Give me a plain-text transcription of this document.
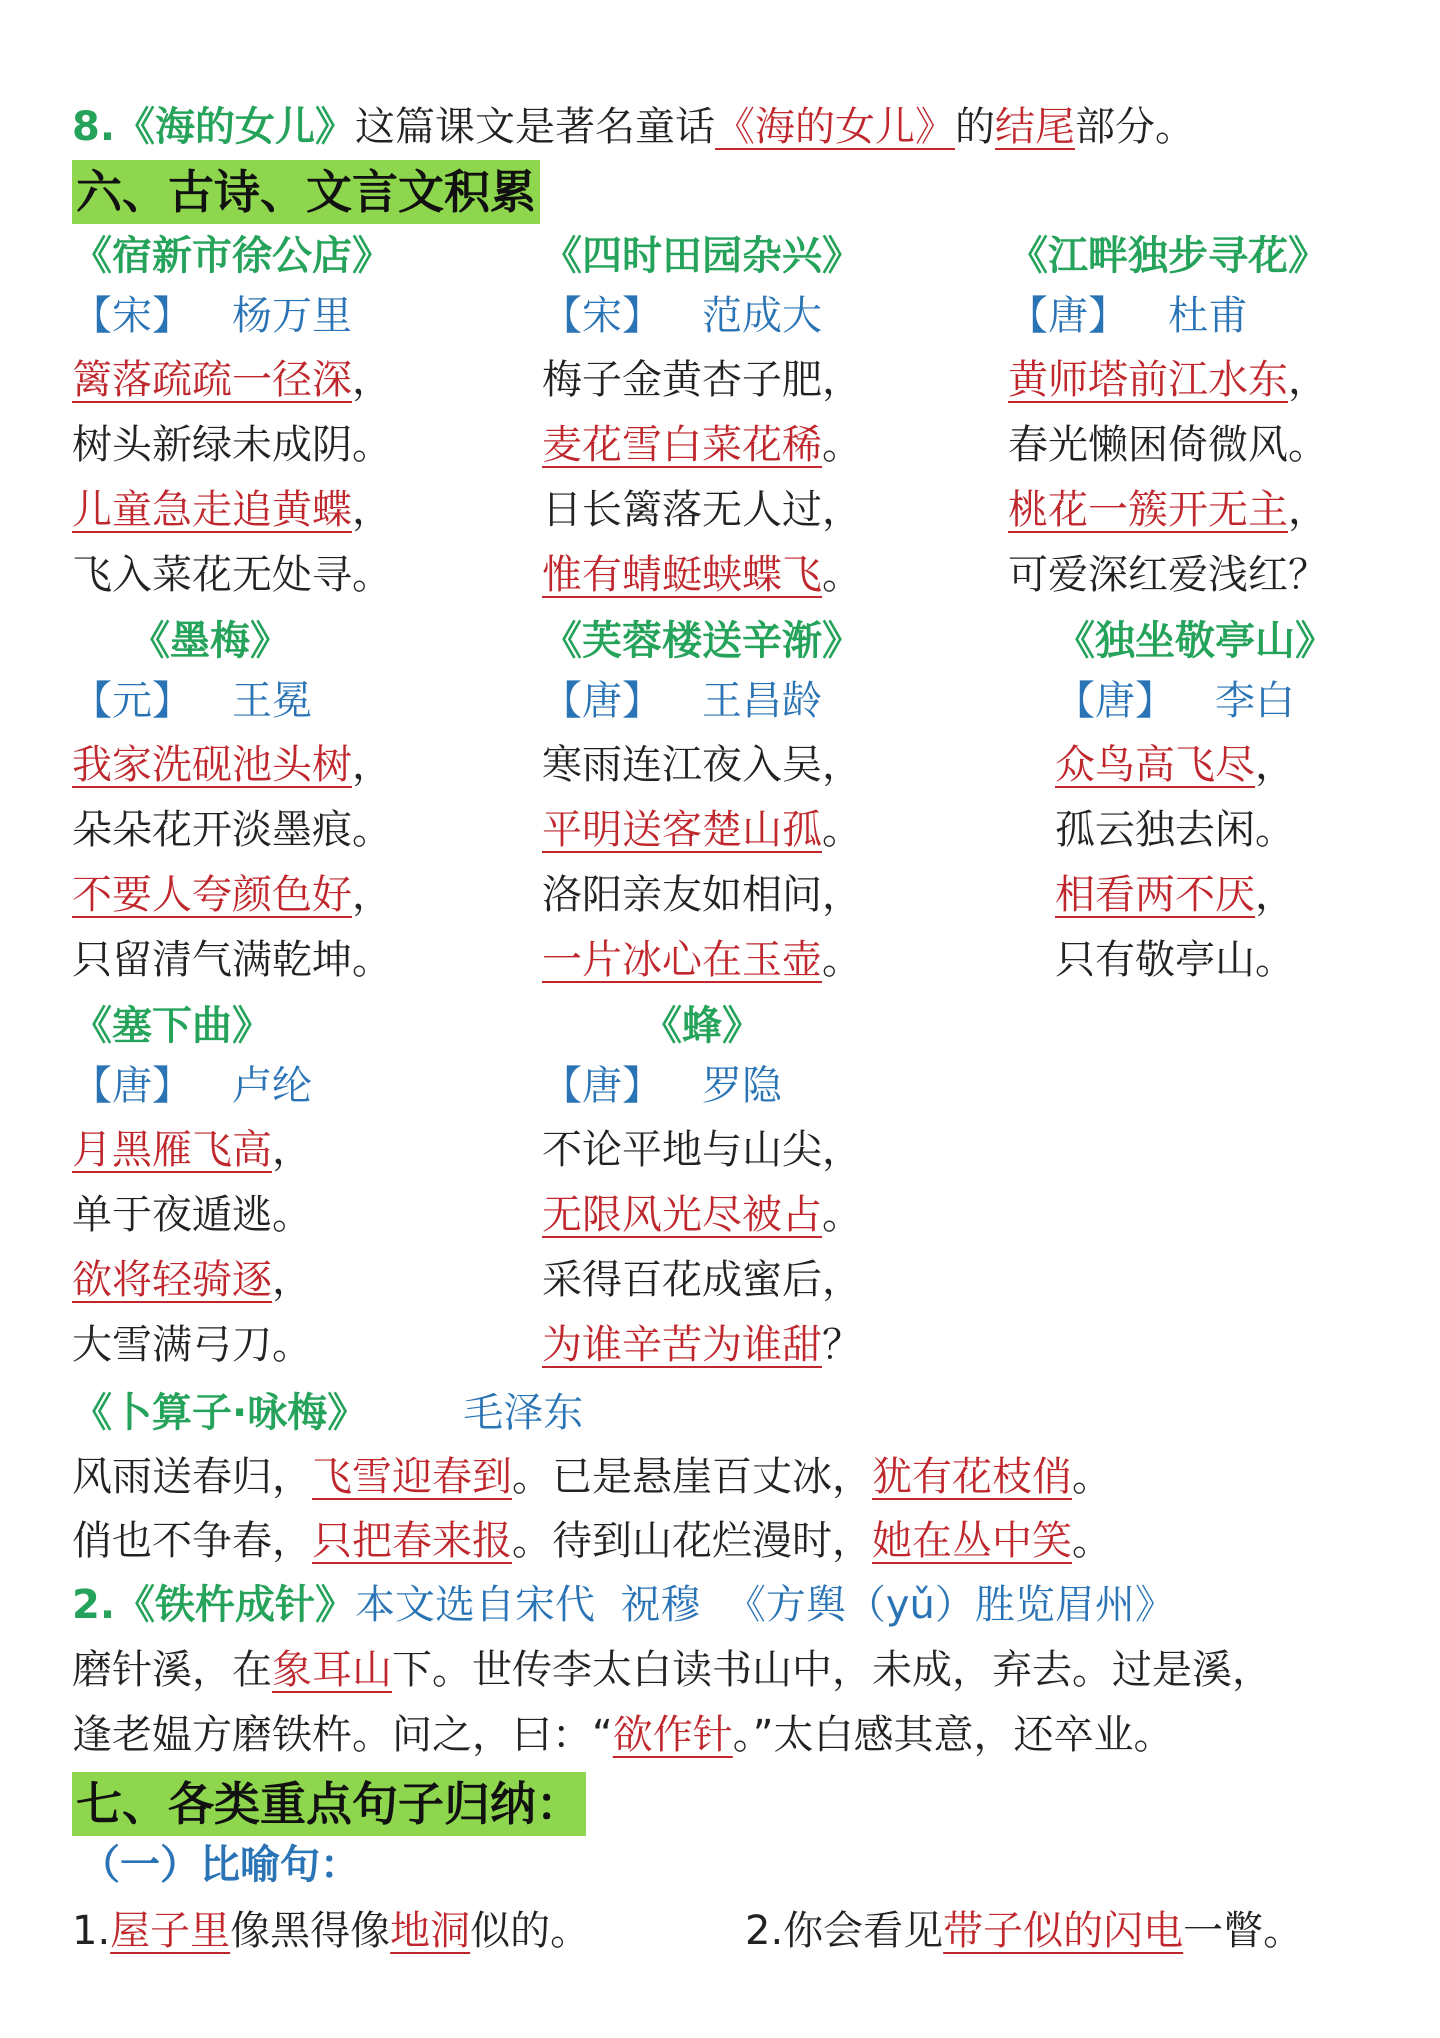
8.《海的女儿》这篇课文是著名童话《海的女儿》的结尾部分。
六、古诗、文言文积累
《宿新市徐公店》
【宋】 杨万里
篱落疏疏一径深，
树头新绿未成阴。
儿童急走追黄蝶，
飞入菜花无处寻。
《四时田园杂兴》
【宋】 范成大
梅子金黄杏子肥，
麦花雪白菜花稀。
日长篱落无人过，
惟有蜻蜓蛱蝶飞。
《江畔独步寻花》
【唐】 杜甫
黄师塔前江水东，
春光懒困倚微风。
桃花一簇开无主，
可爱深红爱浅红？
《墨梅》
【元】 王冕
我家洗砚池头树，
朵朵花开淡墨痕。
不要人夸颜色好，
只留清气满乾坤。
《芙蓉楼送辛渐》
【唐】 王昌龄
寒雨连江夜入吴，
平明送客楚山孤。
洛阳亲友如相问，
一片冰心在玉壶。
《独坐敬亭山》
【唐】 李白
众鸟高飞尽，
孤云独去闲。
相看两不厌，
只有敬亭山。
《塞下曲》
【唐】 卢纶
月黑雁飞高，
单于夜遁逃。
欲将轻骑逐，
大雪满弓刀。
《蜂》
【唐】 罗隐
不论平地与山尖，
无限风光尽被占。
采得百花成蜜后，
为谁辛苦为谁甜？
《卜算子·咏梅》 毛泽东
风雨送春归，飞雪迎春到。已是悬崖百丈冰，犹有花枝俏。
俏也不争春，只把春来报。待到山花烂漫时，她在丛中笑。
2.《铁杵成针》本文选自宋代  祝穆  《方舆（yǔ）胜览眉州》
磨针溪，在象耳山下。世传李太白读书山中，未成，弃去。过是溪，
逢老媪方磨铁杵。问之，曰：“欲作针。”太白感其意，还卒业。
七、各类重点句子归纳：
（一）比喻句：
1.屋子里像黑得像地洞似的。	2.你会看见带子似的闪电一瞥。
